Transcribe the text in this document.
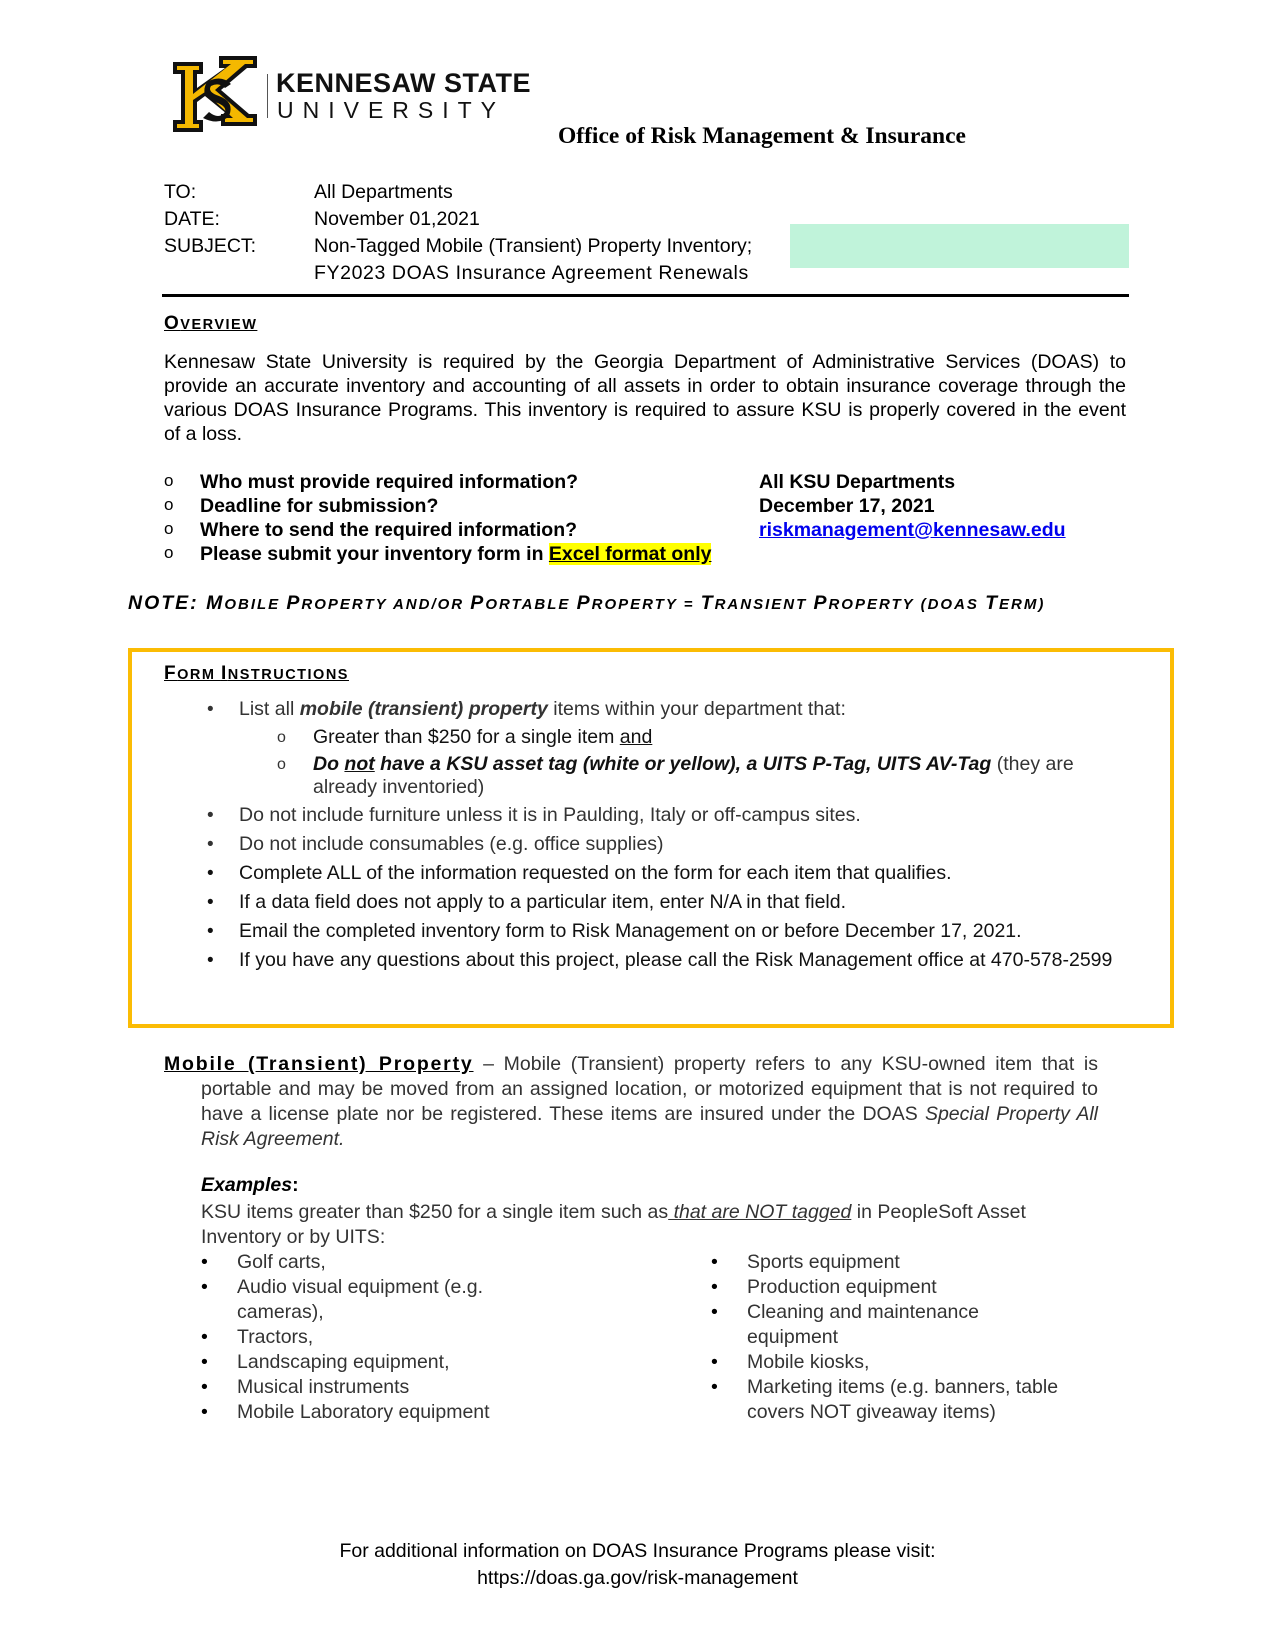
KENNESAW STATE
UNIVERSITY
Office of Risk Management & Insurance
TO:	All Departments
DATE:	November 01,2021
SUBJECT:	Non-Tagged Mobile (Transient) Property Inventory;
FY2023 DOAS Insurance Agreement Renewals
OVERVIEW
Kennesaw State University is required by the Georgia Department of Administrative Services (DOAS) to provide an accurate inventory and accounting of all assets in order to obtain insurance coverage through the various DOAS Insurance Programs. This inventory is required to assure KSU is properly covered in the event of a loss.
o Who must provide required information?	All KSU Departments
o Deadline for submission?	December 17, 2021
o Where to send the required information?	riskmanagement@kennesaw.edu
o Please submit your inventory form in Excel format only
NOTE: MOBILE PROPERTY AND/OR PORTABLE PROPERTY = TRANSIENT PROPERTY (DOAS TERM)
FORM INSTRUCTIONS
• List all mobile (transient) property items within your department that:
o Greater than $250 for a single item and
o Do not have a KSU asset tag (white or yellow), a UITS P-Tag, UITS AV-Tag (they are already inventoried)
• Do not include furniture unless it is in Paulding, Italy or off-campus sites.
• Do not include consumables (e.g. office supplies)
• Complete ALL of the information requested on the form for each item that qualifies.
• If a data field does not apply to a particular item, enter N/A in that field.
• Email the completed inventory form to Risk Management on or before December 17, 2021.
• If you have any questions about this project, please call the Risk Management office at 470-578-2599
Mobile (Transient) Property – Mobile (Transient) property refers to any KSU-owned item that is portable and may be moved from an assigned location, or motorized equipment that is not required to have a license plate nor be registered. These items are insured under the DOAS Special Property All Risk Agreement.
Examples:
KSU items greater than $250 for a single item such as that are NOT tagged in PeopleSoft Asset Inventory or by UITS:
• Golf carts,
• Audio visual equipment (e.g. cameras),
• Tractors,
• Landscaping equipment,
• Musical instruments
• Mobile Laboratory equipment
• Sports equipment
• Production equipment
• Cleaning and maintenance equipment
• Mobile kiosks,
• Marketing items (e.g. banners, table covers NOT giveaway items)
For additional information on DOAS Insurance Programs please visit:
https://doas.ga.gov/risk-management
